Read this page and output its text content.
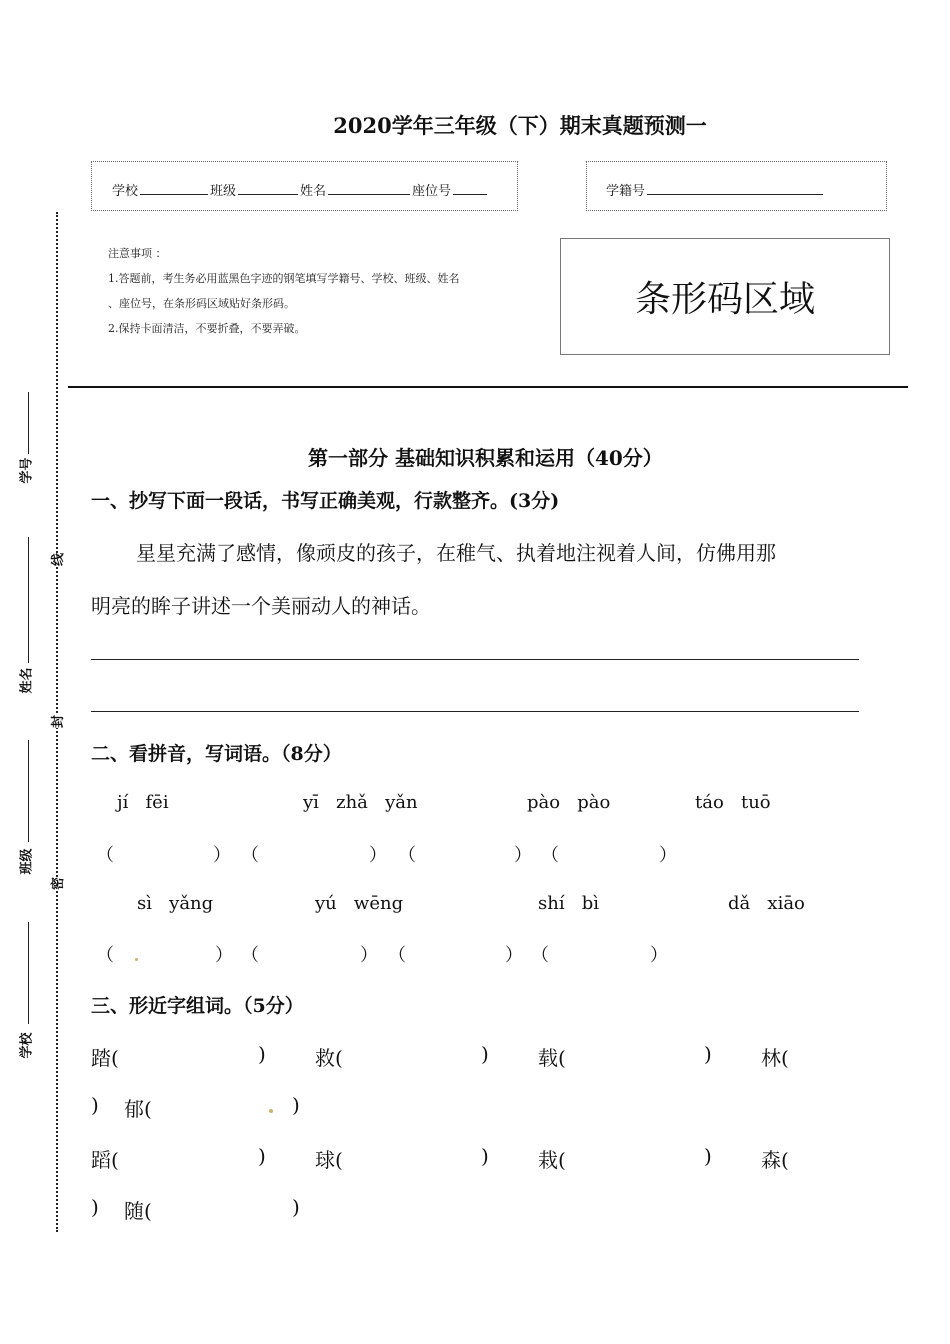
2020学年三年级（下）期末真题预测一
学校	班级	姓名	座位号	学籍号
注意事项 ：
1.答题前，考生务必用蓝黑色字迹的钢笔填写学籍号、学校、班级、姓名
、座位号，在条形码区域贴好条形码。
2.保持卡面清洁，不要折叠，不要弄破。
条形码区域
学号
姓名
班级
学校
线
封
密
第一部分 基础知识积累和运用（40分）
一、抄写下面一段话，书写正确美观，行款整齐。(3分)
星星充满了感情，像顽皮的孩子，在稚气、执着地注视着人间，仿佛用那
明亮的眸子讲述一个美丽动人的神话。
二、看拼音，写词语。（8分）
jí   fēi	yī   zhǎ   yǎn	pào   pào	táo   tuō
（	） （	） （	） （	）
sì   yǎng	yú   wēng	shí   bì	dǎ   xiāo
（	） （	） （	） （	）
三、形近字组词。（5分）
踏(	) 救(	) 载(	) 林(
) 郁(	)
蹈(	) 球(	) 栽(	) 森(
) 随(	)
